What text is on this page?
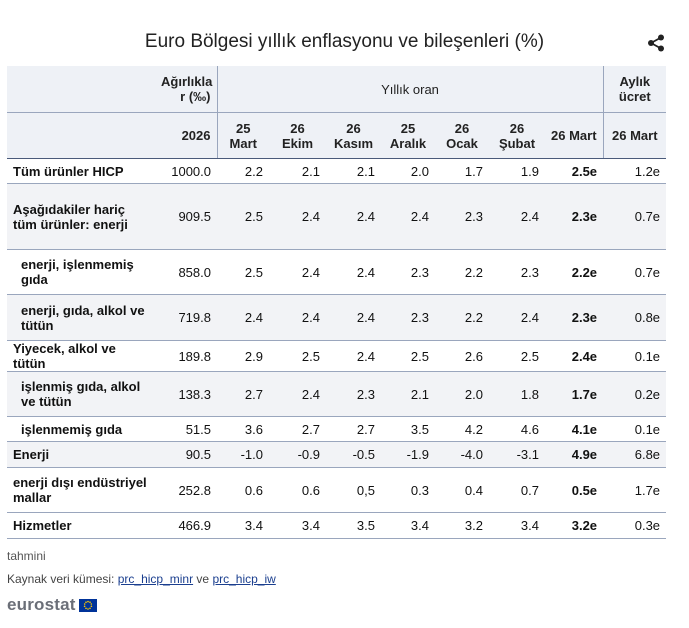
Euro Bölgesi yıllık enflasyonu ve bileşenleri (%)
	Ağırlıkla r (‰)	Yıllık oran							Aylık ücret
	2026	25 Mart	26 Ekim	26 Kasım	25 Aralık	26 Ocak	26 Şubat	26 Mart	26 Mart
Tüm ürünler HICP	1000.0	2.2	2.1	2.1	2.0	1.7	1.9	2.5e	1.2e
Aşağıdakiler hariç tüm ürünler: enerji	909.5	2.5	2.4	2.4	2.4	2.3	2.4	2.3e	0.7e
enerji, işlenmemiş gıda	858.0	2.5	2.4	2.4	2.3	2.2	2.3	2.2e	0.7e
enerji, gıda, alkol ve tütün	719.8	2.4	2.4	2.4	2.3	2.2	2.4	2.3e	0.8e
Yiyecek, alkol ve tütün	189.8	2.9	2.5	2.4	2.5	2.6	2.5	2.4e	0.1e
işlenmiş gıda, alkol ve tütün	138.3	2.7	2.4	2.3	2.1	2.0	1.8	1.7e	0.2e
işlenmemiş gıda	51.5	3.6	2.7	2.7	3.5	4.2	4.6	4.1e	0.1e
Enerji	90.5	-1.0	-0.9	-0.5	-1.9	-4.0	-3.1	4.9e	6.8e
enerji dışı endüstriyel mallar	252.8	0.6	0.6	0,5	0.3	0.4	0.7	0.5e	1.7e
Hizmetler	466.9	3.4	3.4	3.5	3.4	3.2	3.4	3.2e	0.3e
tahmini
Kaynak veri kümesi: prc_hicp_minr ve prc_hicp_iw
eurostat
